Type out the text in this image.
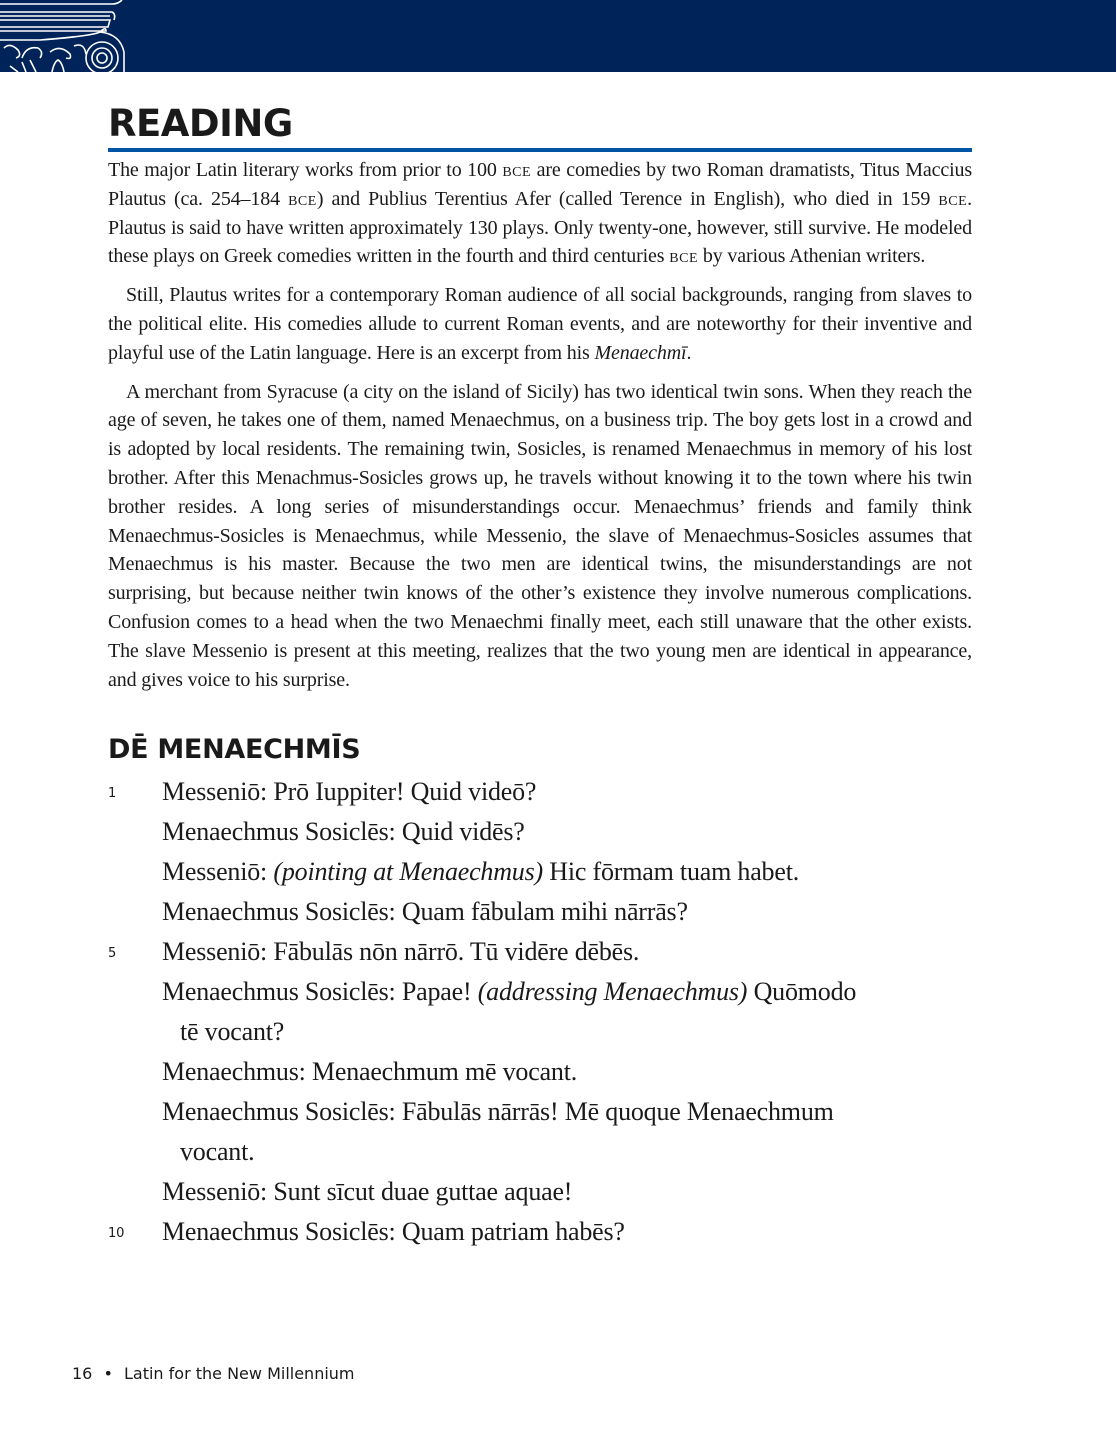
READING

The major Latin literary works from prior to 100 bce are comedies by two Roman dramatists, Titus Maccius Plautus (ca. 254–184 bce) and Publius Terentius Afer (called Terence in English), who died in 159 bce. Plautus is said to have written approximately 130 plays. Only twenty-one, however, still survive. He modeled these plays on Greek comedies written in the fourth and third centuries bce by various Athenian writers.

Still, Plautus writes for a contemporary Roman audience of all social backgrounds, ranging from slaves to the political elite. His comedies allude to current Roman events, and are noteworthy for their inventive and playful use of the Latin language. Here is an excerpt from his Menaechmī.

A merchant from Syracuse (a city on the island of Sicily) has two identical twin sons. When they reach the age of seven, he takes one of them, named Menaechmus, on a business trip. The boy gets lost in a crowd and is adopted by local residents. The remaining twin, Sosicles, is renamed Menaechmus in memory of his lost brother. After this Menachmus-Sosicles grows up, he travels without knowing it to the town where his twin brother resides. A long series of misunderstandings occur. Menaechmus’ friends and family think Menaechmus-Sosicles is Menaechmus, while Messenio, the slave of Menaechmus-Sosicles assumes that Menaechmus is his master. Because the two men are identical twins, the misunderstandings are not surprising, but because neither twin knows of the other’s existence they involve numerous complications. Confusion comes to a head when the two Menaechmi finally meet, each still unaware that the other exists. The slave Messenio is present at this meeting, realizes that the two young men are identical in appearance, and gives voice to his surprise.

DĒ MENAECHMĪS
1 Messeniō: Prō Iuppiter! Quid videō?
Menaechmus Sosiclēs: Quid vidēs?
Messeniō: (pointing at Menaechmus) Hic fōrmam tuam habet.
Menaechmus Sosiclēs: Quam fābulam mihi nārrās?
5 Messeniō: Fābulās nōn nārrō. Tū vidēre dēbēs.
Menaechmus Sosiclēs: Papae! (addressing Menaechmus) Quōmodo
tē vocant?
Menaechmus: Menaechmum mē vocant.
Menaechmus Sosiclēs: Fābulās nārrās! Mē quoque Menaechmum
vocant.
Messeniō: Sunt sīcut duae guttae aquae!
10 Menaechmus Sosiclēs: Quam patriam habēs?
16 • Latin for the New Millennium
